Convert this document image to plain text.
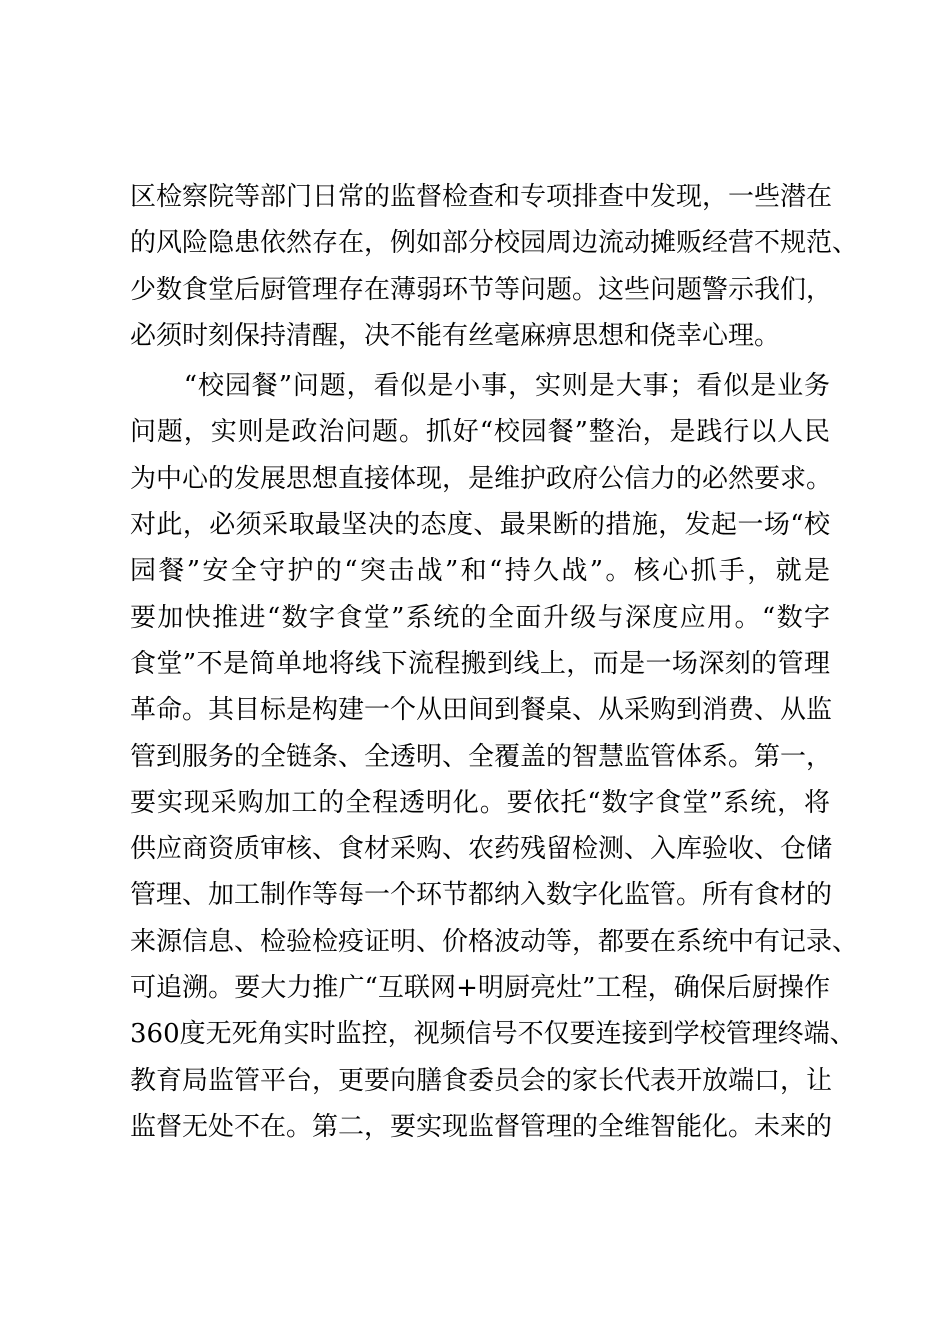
区检察院等部门日常的监督检查和专项排查中发现，一些潜在
的风险隐患依然存在，例如部分校园周边流动摊贩经营不规范、
少数食堂后厨管理存在薄弱环节等问题。这些问题警示我们，
必须时刻保持清醒，决不能有丝毫麻痹思想和侥幸心理。
　　“校园餐”问题，看似是小事，实则是大事；看似是业务
问题，实则是政治问题。抓好“校园餐”整治，是践行以人民
为中心的发展思想直接体现，是维护政府公信力的必然要求。
对此，必须采取最坚决的态度、最果断的措施，发起一场“校
园餐”安全守护的“突击战”和“持久战”。核心抓手，就是
要加快推进“数字食堂”系统的全面升级与深度应用。“数字
食堂”不是简单地将线下流程搬到线上，而是一场深刻的管理
革命。其目标是构建一个从田间到餐桌、从采购到消费、从监
管到服务的全链条、全透明、全覆盖的智慧监管体系。第一，
要实现采购加工的全程透明化。要依托“数字食堂”系统，将
供应商资质审核、食材采购、农药残留检测、入库验收、仓储
管理、加工制作等每一个环节都纳入数字化监管。所有食材的
来源信息、检验检疫证明、价格波动等，都要在系统中有记录、
可追溯。要大力推广“互联网+明厨亮灶”工程，确保后厨操作
360度无死角实时监控，视频信号不仅要连接到学校管理终端、
教育局监管平台，更要向膳食委员会的家长代表开放端口，让
监督无处不在。第二，要实现监督管理的全维智能化。未来的
